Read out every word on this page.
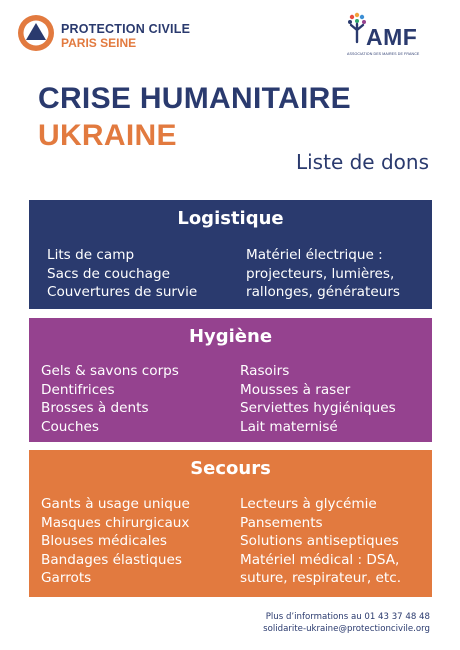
PROTECTION CIVILE
PARIS SEINE	AMF
ASSOCIATION DES MAIRES DE FRANCE
CRISE HUMANITAIRE
UKRAINE
Liste de dons
Logistique
Lits de camp
Sacs de couchage
Couvertures de survie
Matériel électrique :
projecteurs, lumières,
rallonges, générateurs
Hygiène
Gels & savons corps
Dentifrices
Brosses à dents
Couches
Rasoirs
Mousses à raser
Serviettes hygiéniques
Lait maternisé
Secours
Gants à usage unique
Masques chirurgicaux
Blouses médicales
Bandages élastiques
Garrots
Lecteurs à glycémie
Pansements
Solutions antiseptiques
Matériel médical : DSA,
suture, respirateur, etc.
Plus d’informations au 01 43 37 48 48
solidarite-ukraine@protectioncivile.org
